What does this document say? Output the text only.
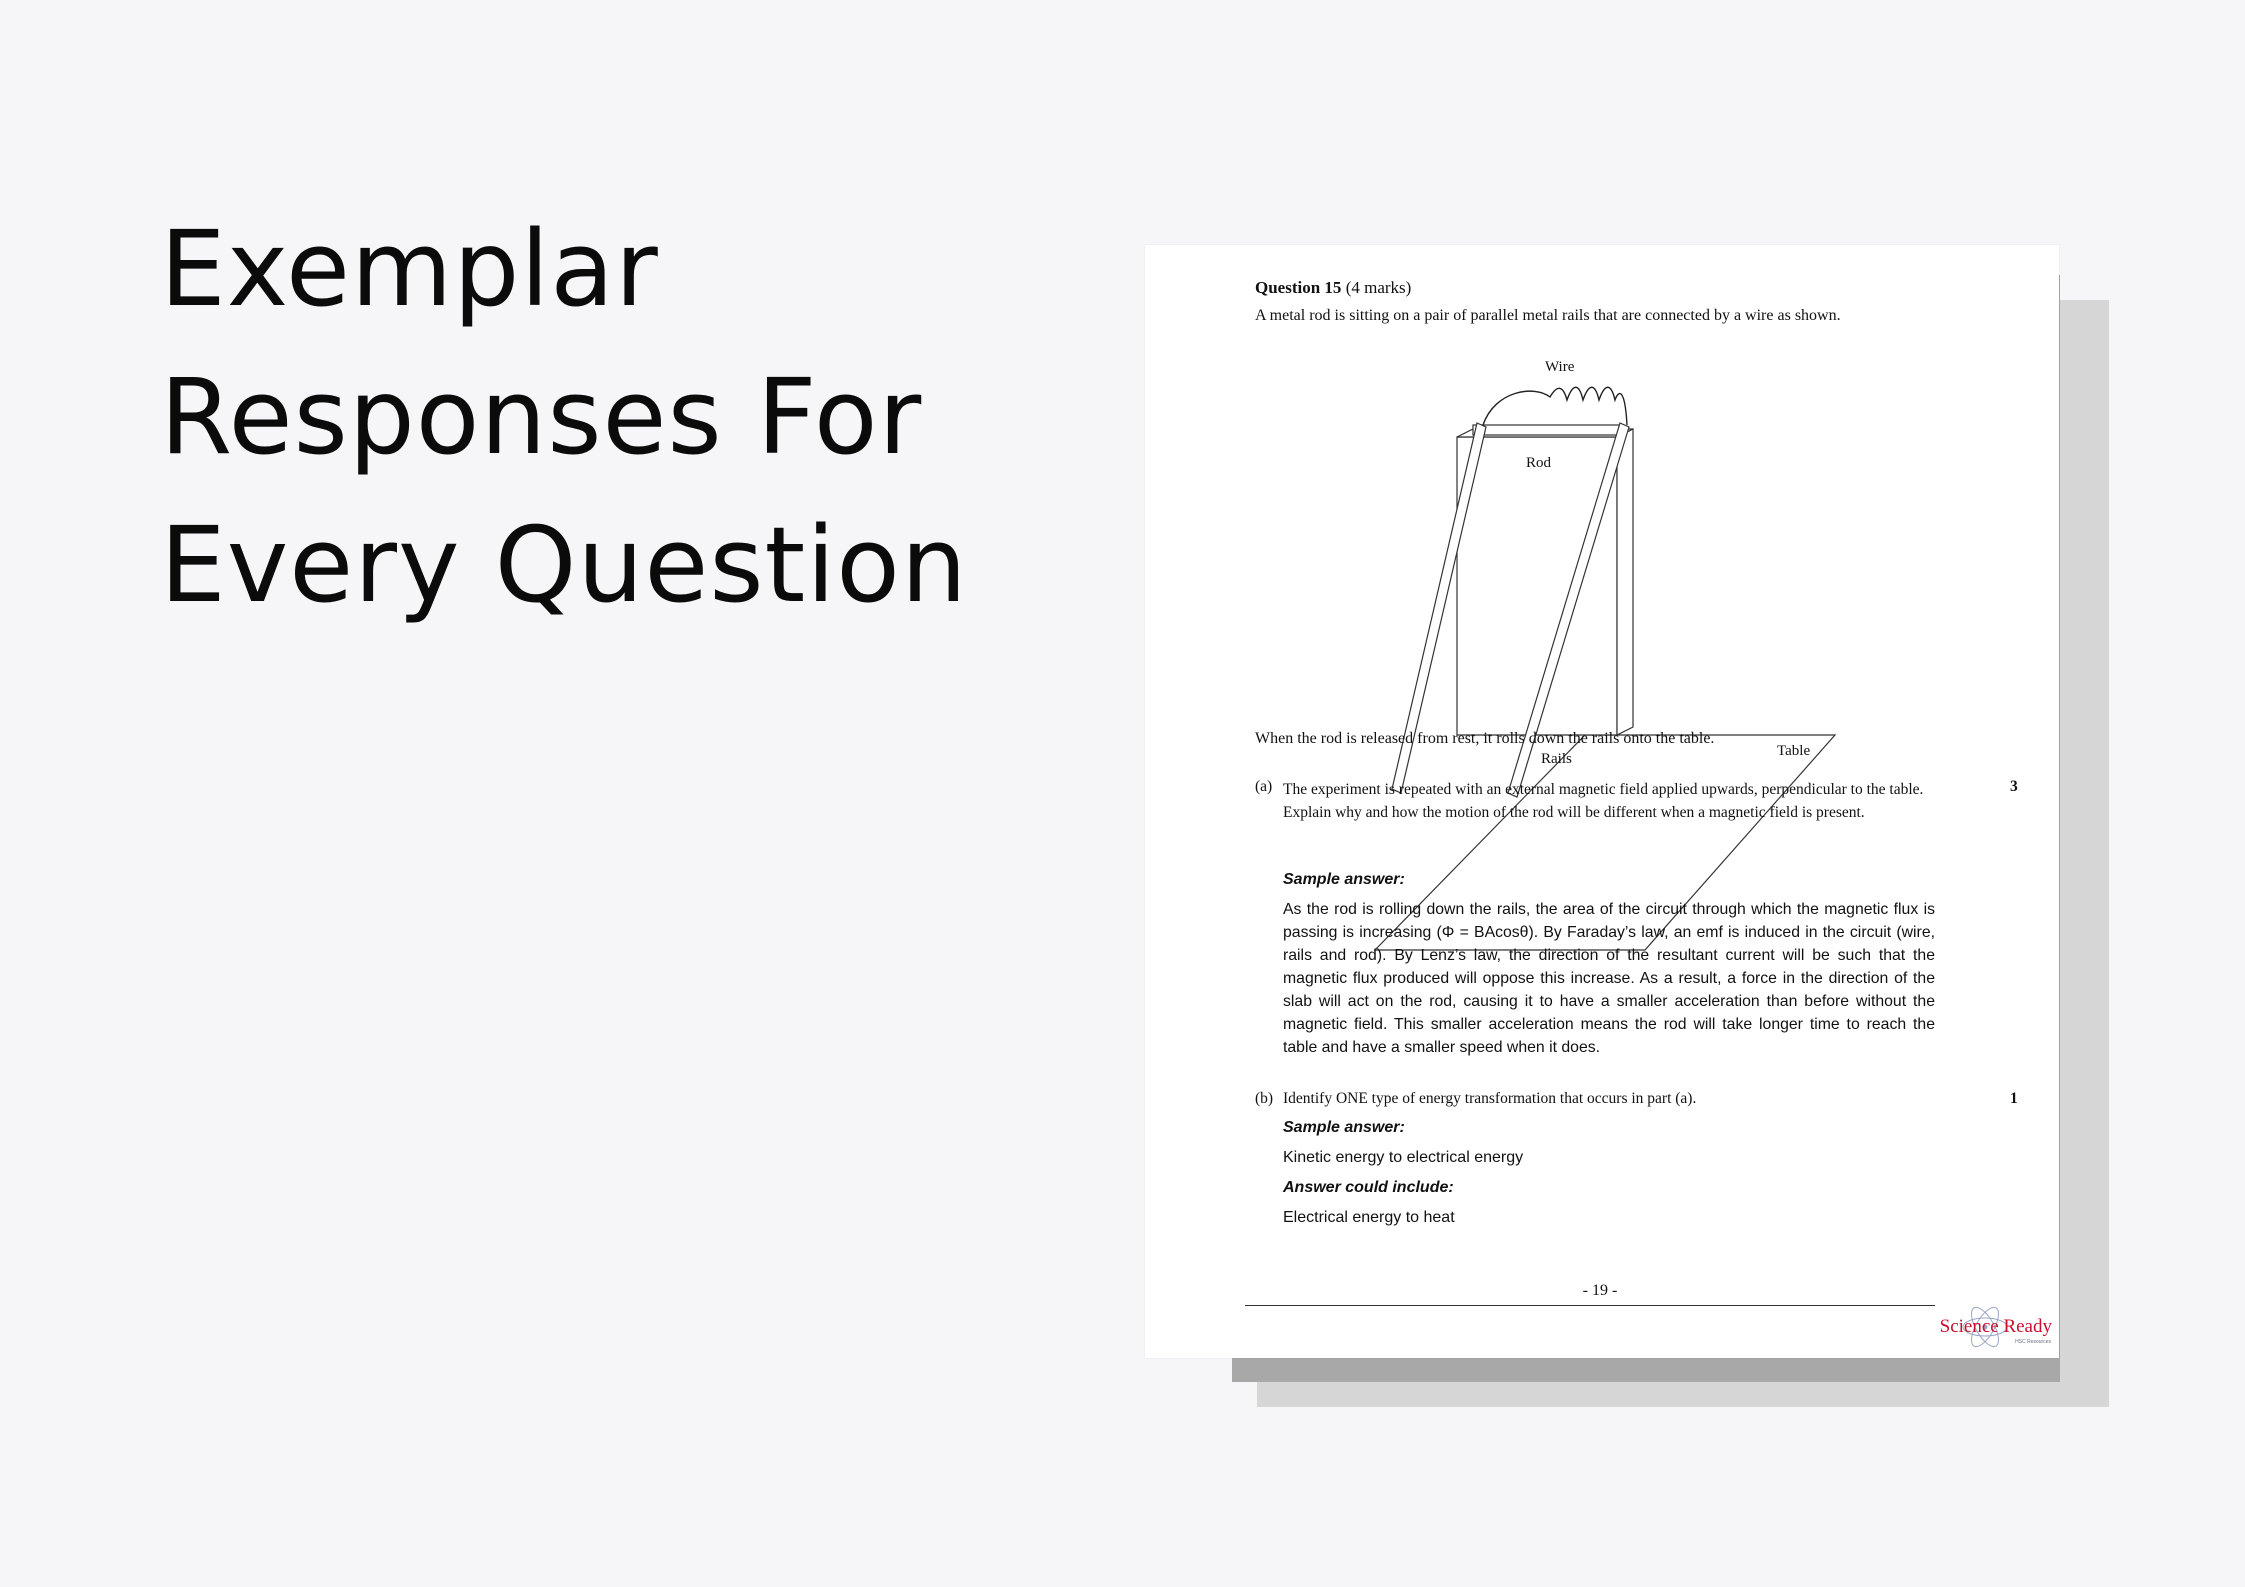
Exemplar
Responses For
Every Question
Question 15 (4 marks)
A metal rod is sitting on a pair of parallel metal rails that are connected by a wire as shown.
Wire
Rod
Rails	Table
When the rod is released from rest, it rolls down the rails onto the table.
(a) The experiment is repeated with an external magnetic field applied upwards, perpendicular to the table.
Explain why and how the motion of the rod will be different when a magnetic field is present.
3
Sample answer:
As the rod is rolling down the rails, the area of the circuit through which the magnetic flux is passing is increasing (Φ = BAcosθ). By Faraday’s law, an emf is induced in the circuit (wire, rails and rod). By Lenz’s law, the direction of the resultant current will be such that the magnetic flux produced will oppose this increase. As a result, a force in the direction of the slab will act on the rod, causing it to have a smaller acceleration than before without the magnetic field. This smaller acceleration means the rod will take longer time to reach the table and have a smaller speed when it does.
(b) Identify ONE type of energy transformation that occurs in part (a).	1
Sample answer:
Kinetic energy to electrical energy
Answer could include:
Electrical energy to heat
- 19 -
Science Ready
HSC Resources
